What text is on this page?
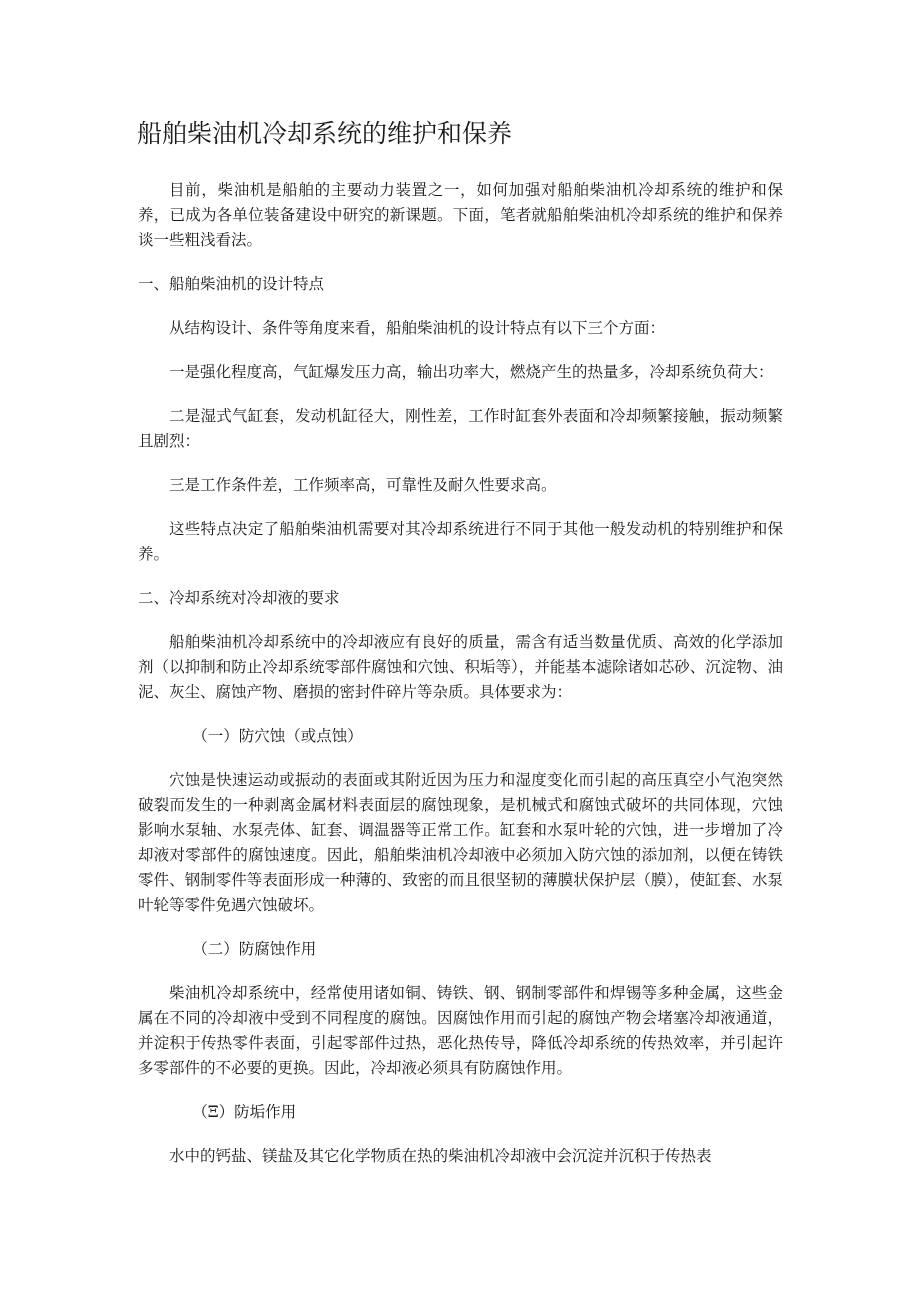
船舶柴油机冷却系统的维护和保养

目前，柴油机是船舶的主要动力装置之一，如何加强对船舶柴油机冷却系统的维护和保养，已成为各单位装备建设中研究的新课题。下面，笔者就船舶柴油机冷却系统的维护和保养谈一些粗浅看法。

一、船舶柴油机的设计特点

从结构设计、条件等角度来看，船舶柴油机的设计特点有以下三个方面：

一是强化程度高，气缸爆发压力高，输出功率大，燃烧产生的热量多，冷却系统负荷大：

二是湿式气缸套，发动机缸径大，刚性差，工作时缸套外表面和冷却频繁接触，振动频繁且剧烈：

三是工作条件差，工作频率高，可靠性及耐久性要求高。

这些特点决定了船舶柴油机需要对其冷却系统进行不同于其他一般发动机的特别维护和保养。

二、冷却系统对冷却液的要求

船舶柴油机冷却系统中的冷却液应有良好的质量，需含有适当数量优质、高效的化学添加剂（以抑制和防止冷却系统零部件腐蚀和穴蚀、积垢等），并能基本滤除诸如芯砂、沉淀物、油泥、灰尘、腐蚀产物、磨损的密封件碎片等杂质。具体要求为：

（一）防穴蚀（或点蚀）

穴蚀是快速运动或振动的表面或其附近因为压力和湿度变化而引起的高压真空小气泡突然破裂而发生的一种剥离金属材料表面层的腐蚀现象，是机械式和腐蚀式破坏的共同体现，穴蚀影响水泵轴、水泵壳体、缸套、调温器等正常工作。缸套和水泵叶轮的穴蚀，进一步增加了冷却液对零部件的腐蚀速度。因此，船舶柴油机冷却液中必须加入防穴蚀的添加剂，以便在铸铁零件、钢制零件等表面形成一种薄的、致密的而且很坚韧的薄膜状保护层（膜），使缸套、水泵叶轮等零件免遇穴蚀破坏。

（二）防腐蚀作用

柴油机冷却系统中，经常使用诸如铜、铸铁、钢、钢制零部件和焊锡等多种金属，这些金属在不同的冷却液中受到不同程度的腐蚀。因腐蚀作用而引起的腐蚀产物会堵塞冷却液通道，并淀积于传热零件表面，引起零部件过热，恶化热传导，降低冷却系统的传热效率，并引起许多零部件的不必要的更换。因此，冷却液必须具有防腐蚀作用。

（Ξ）防垢作用

水中的钙盐、镁盐及其它化学物质在热的柴油机冷却液中会沉淀并沉积于传热表
